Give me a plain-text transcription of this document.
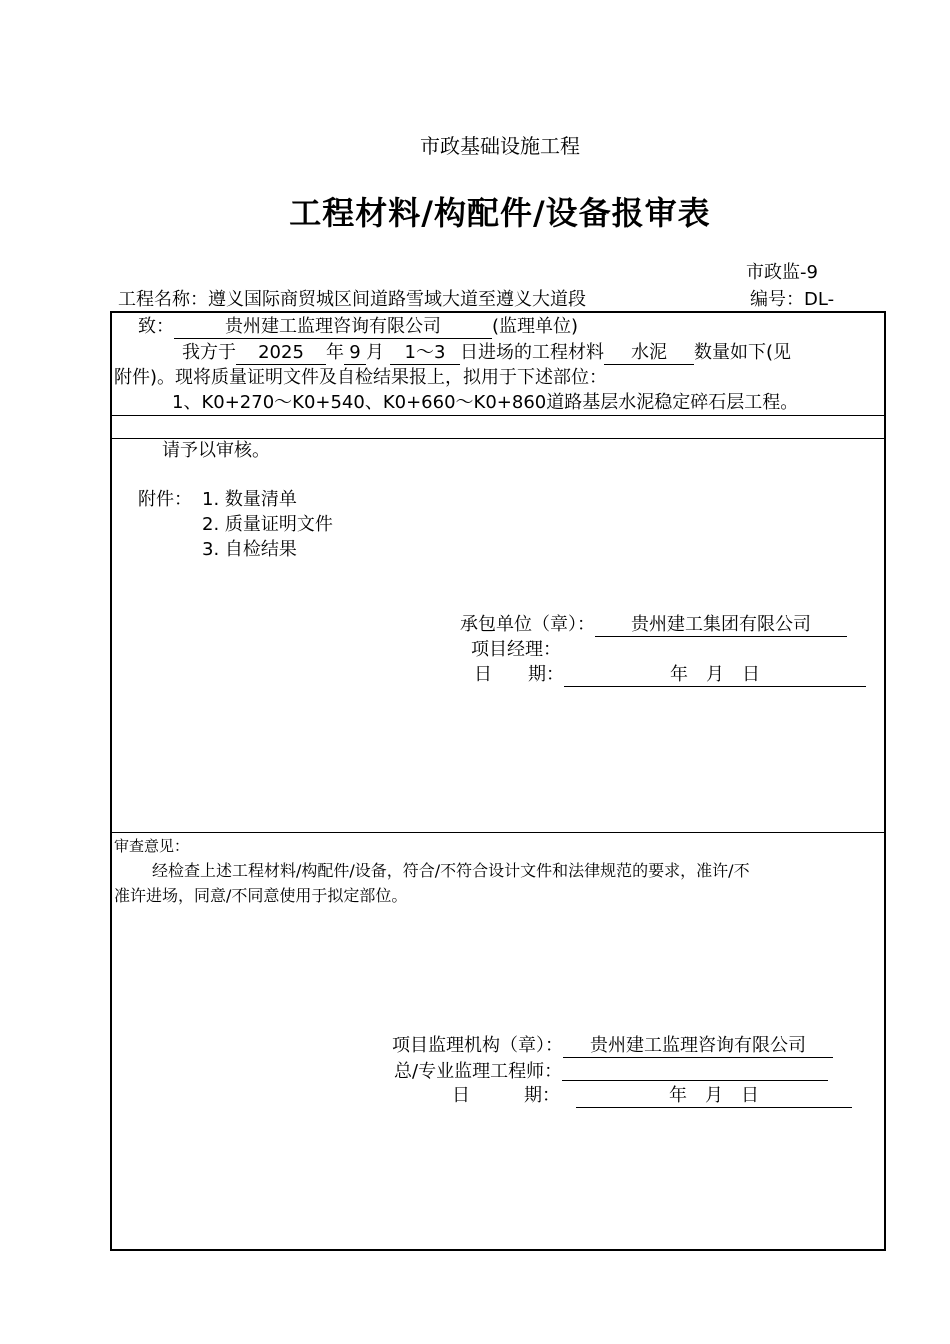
市政基础设施工程
工程材料/构配件/设备报审表
市政监-9
工程名称：遵义国际商贸城区间道路雪域大道至遵义大道段	编号：DL-
致：	贵州建工监理咨询有限公司	(监理单位)
我方于 2025 年 9 月 1～3 日进场的工程材料 水泥 数量如下(见
附件)。现将质量证明文件及自检结果报上，拟用于下述部位：
1、K0+270～K0+540、K0+660～K0+860道路基层水泥稳定碎石层工程。
请予以审核。
附件： 1. 数量清单
2. 质量证明文件
3. 自检结果
承包单位（章）： 贵州建工集团有限公司
项目经理：
日　　期：	年　月　日
审查意见：
经检查上述工程材料/构配件/设备，符合/不符合设计文件和法律规范的要求，准许/不
准许进场，同意/不同意使用于拟定部位。
项目监理机构（章）： 贵州建工监理咨询有限公司
总/专业监理工程师：
日　　　期：	年　月　日
